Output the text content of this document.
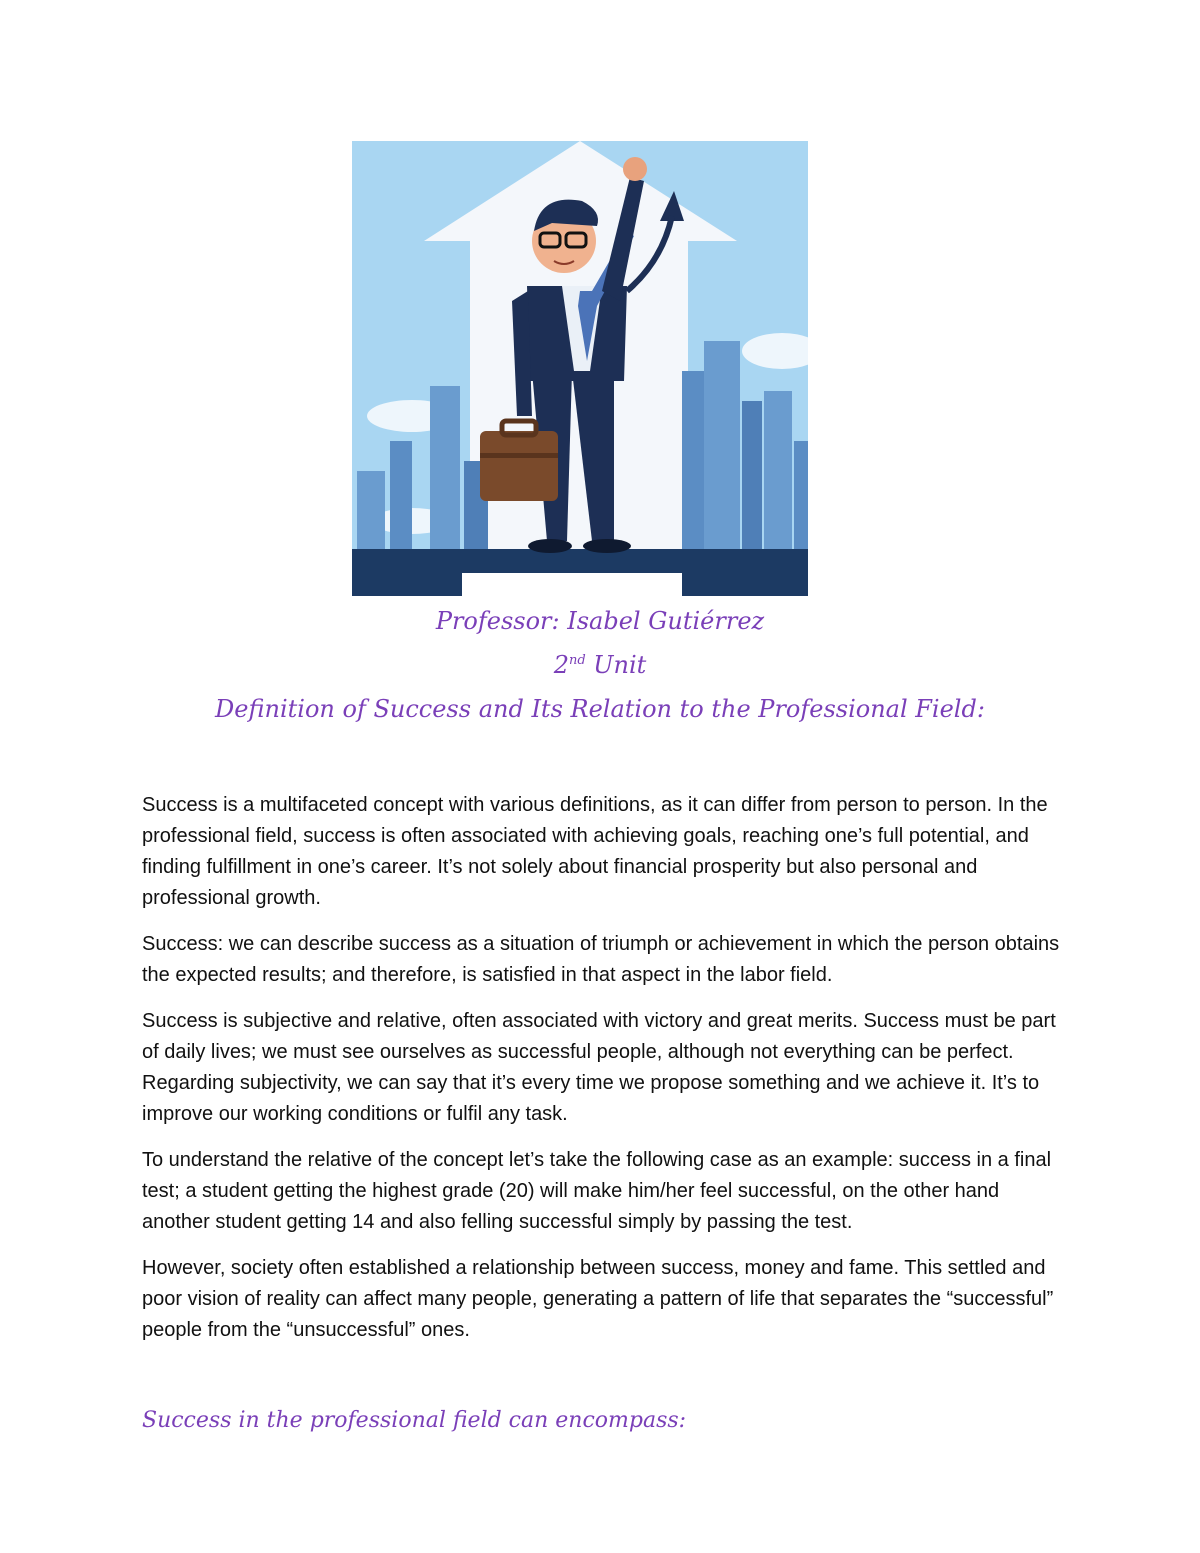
Professor: Isabel Gutiérrez

2nd Unit

Definition of Success and Its Relation to the Professional Field:

Success is a multifaceted concept with various definitions, as it can differ from person to person. In the professional field, success is often associated with achieving goals, reaching one’s full potential, and finding fulfillment in one’s career. It’s not solely about financial prosperity but also personal and professional growth.

Success: we can describe success as a situation of triumph or achievement in which the person obtains the expected results; and therefore, is satisfied in that aspect in the labor field.

Success is subjective and relative, often associated with victory and great merits. Success must be part of daily lives; we must see ourselves as successful people, although not everything can be perfect. Regarding subjectivity, we can say that it’s every time we propose something and we achieve it. It’s to improve our working conditions or fulfil any task.

To understand the relative of the concept let’s take the following case as an example: success in a final test; a student getting the highest grade (20) will make him/her feel successful, on the other hand another student getting 14 and also felling successful simply by passing the test.

However, society often established a relationship between success, money and fame. This settled and poor vision of reality can affect many people, generating a pattern of life that separates the “successful” people from the “unsuccessful” ones.

Success in the professional field can encompass:
